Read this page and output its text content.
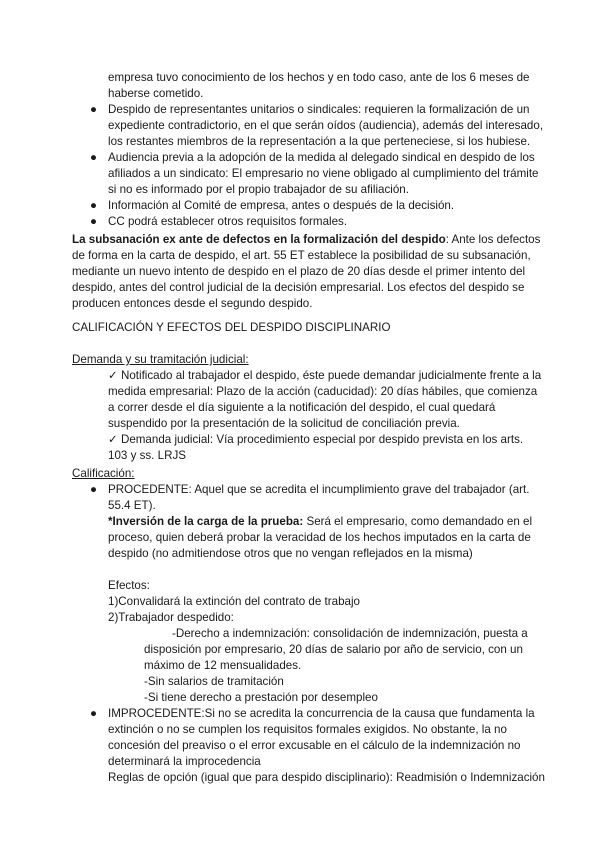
empresa tuvo conocimiento de los hechos y en todo caso, ante de los 6 meses de
haberse cometido.
● Despido de representantes unitarios o sindicales: requieren la formalización de un
expediente contradictorio, en el que serán oídos (audiencia), además del interesado,
los restantes miembros de la representación a la que perteneciese, si los hubiese.
● Audiencia previa a la adopción de la medida al delegado sindical en despido de los
afiliados a un sindicato: El empresario no viene obligado al cumplimiento del trámite
si no es informado por el propio trabajador de su afiliación.
● Información al Comité de empresa, antes o después de la decisión.
● CC podrá establecer otros requisitos formales.
La subsanación ex ante de defectos en la formalización del despido: Ante los defectos
de forma en la carta de despido, el art. 55 ET establece la posibilidad de su subsanación,
mediante un nuevo intento de despido en el plazo de 20 días desde el primer intento del
despido, antes del control judicial de la decisión empresarial. Los efectos del despido se
producen entonces desde el segundo despido.
CALIFICACIÓN Y EFECTOS DEL DESPIDO DISCIPLINARIO
Demanda y su tramitación judicial:
✓ Notificado al trabajador el despido, éste puede demandar judicialmente frente a la
medida empresarial: Plazo de la acción (caducidad): 20 días hábiles, que comienza
a correr desde el día siguiente a la notificación del despido, el cual quedará
suspendido por la presentación de la solicitud de conciliación previa.
✓ Demanda judicial: Vía procedimiento especial por despido prevista en los arts.
103 y ss. LRJS
Calificación:
● PROCEDENTE: Aquel que se acredita el incumplimiento grave del trabajador (art.
55.4 ET).
*Inversión de la carga de la prueba: Será el empresario, como demandado en el
proceso, quien deberá probar la veracidad de los hechos imputados en la carta de
despido (no admitiendose otros que no vengan reflejados en la misma)
Efectos:
1)Convalidará la extinción del contrato de trabajo
2)Trabajador despedido:
-Derecho a indemnización: consolidación de indemnización, puesta a
disposición por empresario, 20 días de salario por año de servicio, con un
máximo de 12 mensualidades.
-Sin salarios de tramitación
-Si tiene derecho a prestación por desempleo
● IMPROCEDENTE:Si no se acredita la concurrencia de la causa que fundamenta la
extinción o no se cumplen los requisitos formales exigidos. No obstante, la no
concesión del preaviso o el error excusable en el cálculo de la indemnización no
determinará la improcedencia
Reglas de opción (igual que para despido disciplinario): Readmisión o Indemnización
